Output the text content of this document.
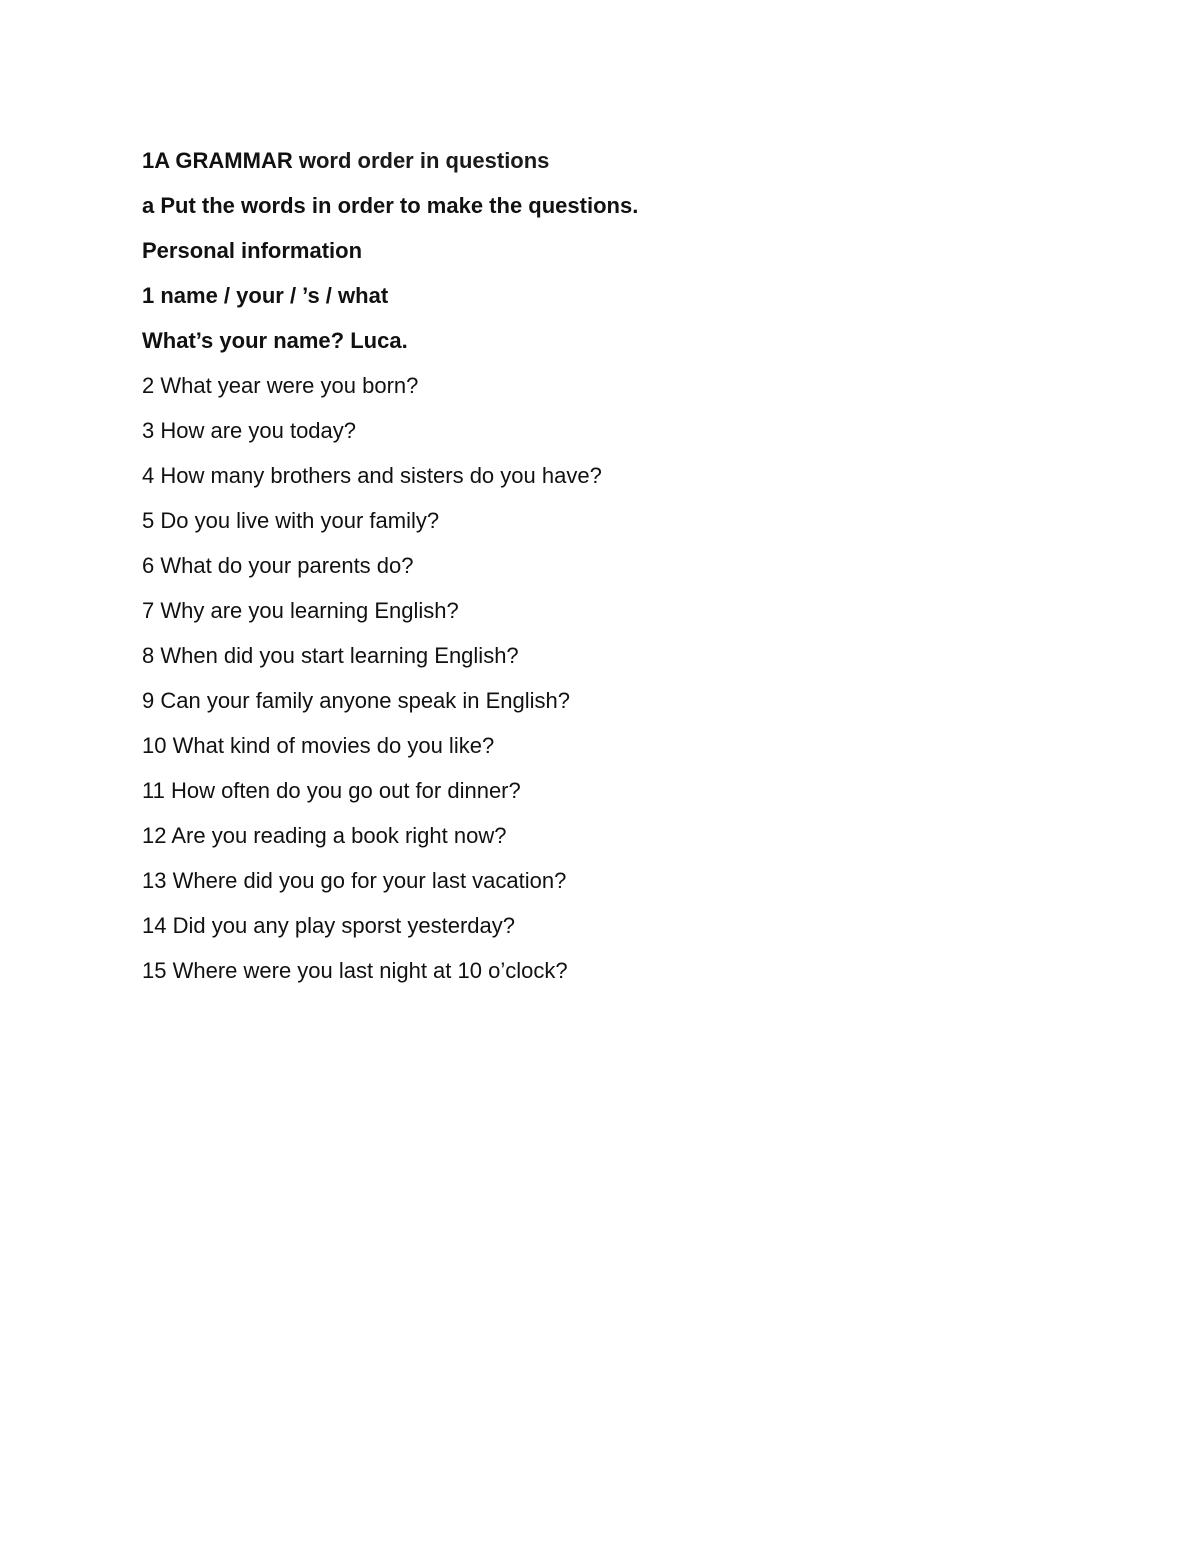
1A GRAMMAR word order in questions
a Put the words in order to make the questions.
Personal information
1 name / your / ’s / what
What’s your name? Luca.
2 What year were you born?
3 How are you today?
4 How many brothers and sisters do you have?
5 Do you live with your family?
6 What do your parents do?
7 Why are you learning English?
8 When did you start learning English?
9 Can your family anyone speak in English?
10 What kind of movies do you like?
11 How often do you go out for dinner?
12 Are you reading a book right now?
13 Where did you go for your last vacation?
14 Did you any play sporst yesterday?
15 Where were you last night at 10 o’clock?
